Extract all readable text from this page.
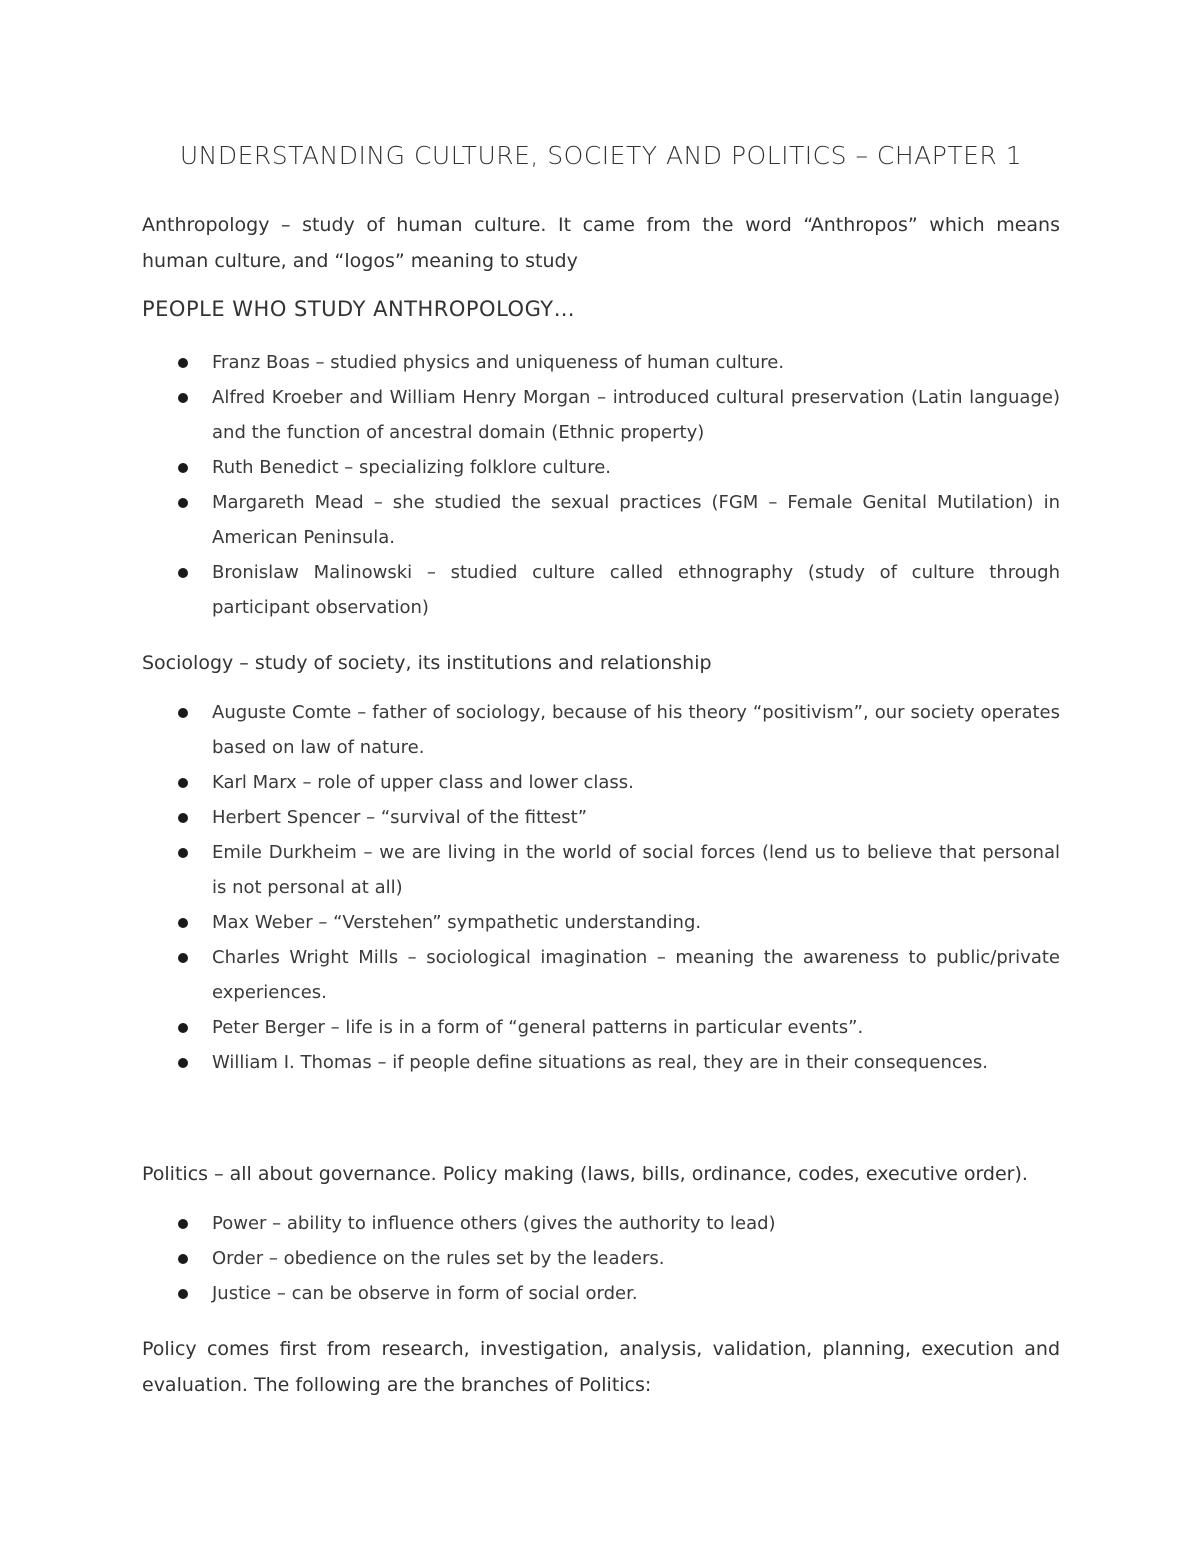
UNDERSTANDING CULTURE, SOCIETY AND POLITICS – CHAPTER 1

Anthropology – study of human culture. It came from the word “Anthropos” which means human culture, and “logos” meaning to study

PEOPLE WHO STUDY ANTHROPOLOGY…
Franz Boas – studied physics and uniqueness of human culture.
Alfred Kroeber and William Henry Morgan – introduced cultural preservation (Latin language) and the function of ancestral domain (Ethnic property)
Ruth Benedict – specializing folklore culture.
Margareth Mead – she studied the sexual practices (FGM – Female Genital Mutilation) in American Peninsula.
Bronislaw Malinowski – studied culture called ethnography (study of culture through participant observation)

Sociology – study of society, its institutions and relationship

Auguste Comte – father of sociology, because of his theory “positivism”, our society operates based on law of nature.
Karl Marx – role of upper class and lower class.
Herbert Spencer – “survival of the fittest”
Emile Durkheim – we are living in the world of social forces (lend us to believe that personal is not personal at all)
Max Weber – “Verstehen” sympathetic understanding.
Charles Wright Mills – sociological imagination – meaning the awareness to public/private experiences.
Peter Berger – life is in a form of “general patterns in particular events”.
William I. Thomas – if people define situations as real, they are in their consequences.

Politics – all about governance. Policy making (laws, bills, ordinance, codes, executive order).

Power – ability to influence others (gives the authority to lead)
Order – obedience on the rules set by the leaders.
Justice – can be observe in form of social order.

Policy comes first from research, investigation, analysis, validation, planning, execution and evaluation. The following are the branches of Politics:
